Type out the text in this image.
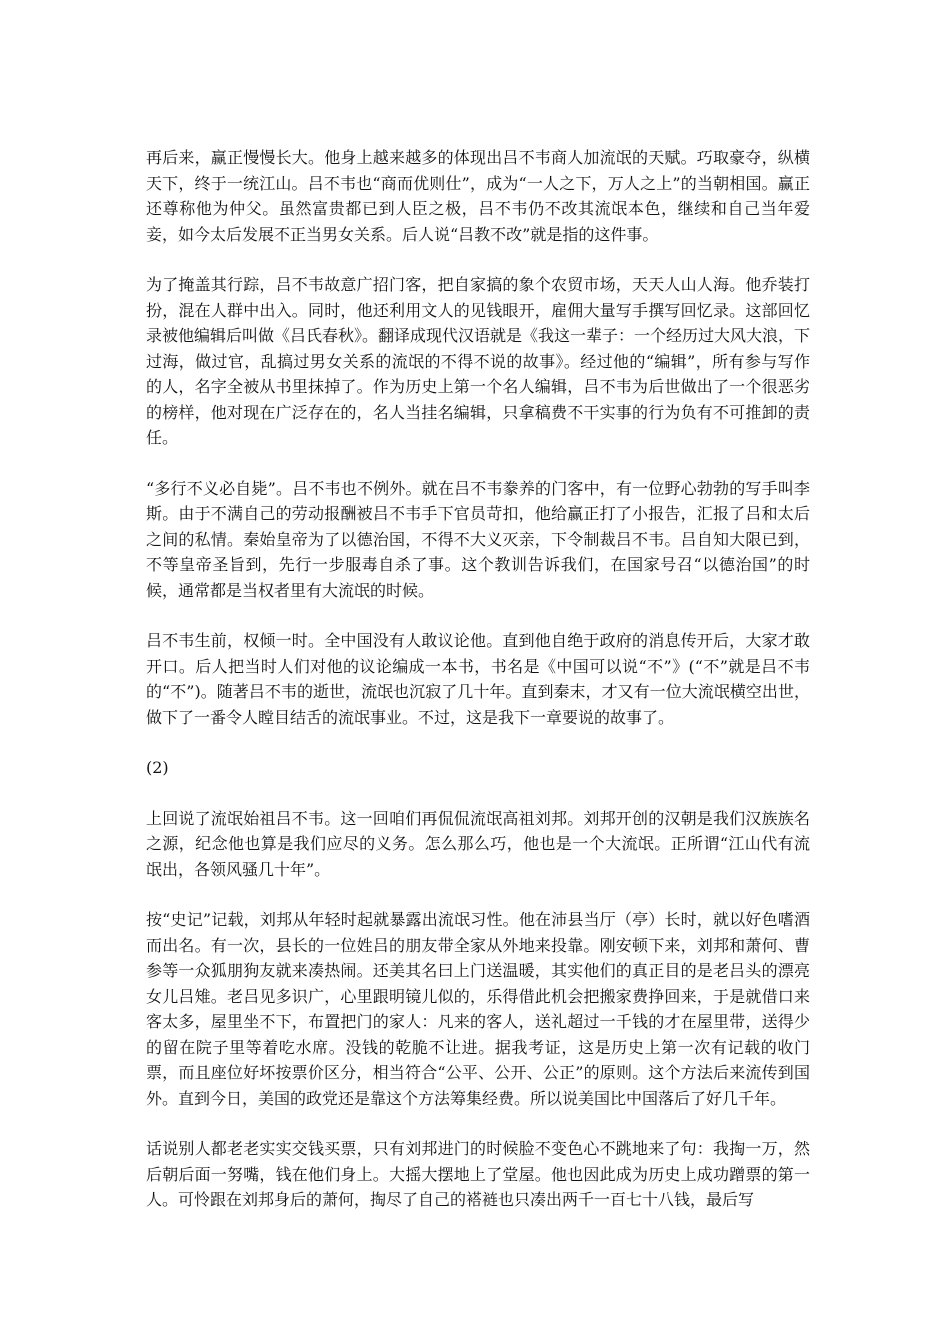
再后来，赢正慢慢长大。他身上越来越多的体现出吕不韦商人加流氓的天赋。巧取豪夺，纵横天下，终于一统江山。吕不韦也“商而优则仕”，成为“一人之下，万人之上”的当朝相国。赢正还尊称他为仲父。虽然富贵都已到人臣之极，吕不韦仍不改其流氓本色，继续和自己当年爱妾，如今太后发展不正当男女关系。后人说“吕教不改”就是指的这件事。

为了掩盖其行踪，吕不韦故意广招门客，把自家搞的象个农贸市场，天天人山人海。他乔装打扮，混在人群中出入。同时，他还利用文人的见钱眼开，雇佣大量写手撰写回忆录。这部回忆录被他编辑后叫做《吕氏春秋》。翻译成现代汉语就是《我这一辈子：一个经历过大风大浪，下过海，做过官，乱搞过男女关系的流氓的不得不说的故事》。经过他的“编辑”，所有参与写作的人，名字全被从书里抹掉了。作为历史上第一个名人编辑，吕不韦为后世做出了一个很恶劣的榜样，他对现在广泛存在的，名人当挂名编辑，只拿稿费不干实事的行为负有不可推卸的责任。

“多行不义必自毙”。吕不韦也不例外。就在吕不韦豢养的门客中，有一位野心勃勃的写手叫李斯。由于不满自己的劳动报酬被吕不韦手下官员苛扣，他给赢正打了小报告，汇报了吕和太后之间的私情。秦始皇帝为了以德治国，不得不大义灭亲，下令制裁吕不韦。吕自知大限已到，不等皇帝圣旨到，先行一步服毒自杀了事。这个教训告诉我们，在国家号召“以德治国”的时候，通常都是当权者里有大流氓的时候。

吕不韦生前，权倾一时。全中国没有人敢议论他。直到他自绝于政府的消息传开后，大家才敢开口。后人把当时人们对他的议论编成一本书，书名是《中国可以说“不”》(“不”就是吕不韦的“不”)。随著吕不韦的逝世，流氓也沉寂了几十年。直到秦末，才又有一位大流氓横空出世，做下了一番令人瞠目结舌的流氓事业。不过，这是我下一章要说的故事了。

(2)

上回说了流氓始祖吕不韦。这一回咱们再侃侃流氓高祖刘邦。刘邦开创的汉朝是我们汉族族名之源，纪念他也算是我们应尽的义务。怎么那么巧，他也是一个大流氓。正所谓“江山代有流氓出，各领风骚几十年”。

按“史记”记载，刘邦从年轻时起就暴露出流氓习性。他在沛县当厅（亭）长时，就以好色嗜酒而出名。有一次，县长的一位姓吕的朋友带全家从外地来投靠。刚安顿下来，刘邦和萧何、曹参等一众狐朋狗友就来凑热闹。还美其名曰上门送温暖，其实他们的真正目的是老吕头的漂亮女儿吕雉。老吕见多识广，心里跟明镜儿似的，乐得借此机会把搬家费挣回来，于是就借口来客太多，屋里坐不下，布置把门的家人：凡来的客人，送礼超过一千钱的才在屋里带，送得少的留在院子里等着吃水席。没钱的乾脆不让进。据我考证，这是历史上第一次有记载的收门票，而且座位好坏按票价区分，相当符合“公平、公开、公正”的原则。这个方法后来流传到国外。直到今日，美国的政党还是靠这个方法筹集经费。所以说美国比中国落后了好几千年。

话说别人都老老实实交钱买票，只有刘邦进门的时候脸不变色心不跳地来了句：我掏一万，然后朝后面一努嘴，钱在他们身上。大摇大摆地上了堂屋。他也因此成为历史上成功蹭票的第一人。可怜跟在刘邦身后的萧何，掏尽了自己的褡裢也只凑出两千一百七十八钱，最后写
